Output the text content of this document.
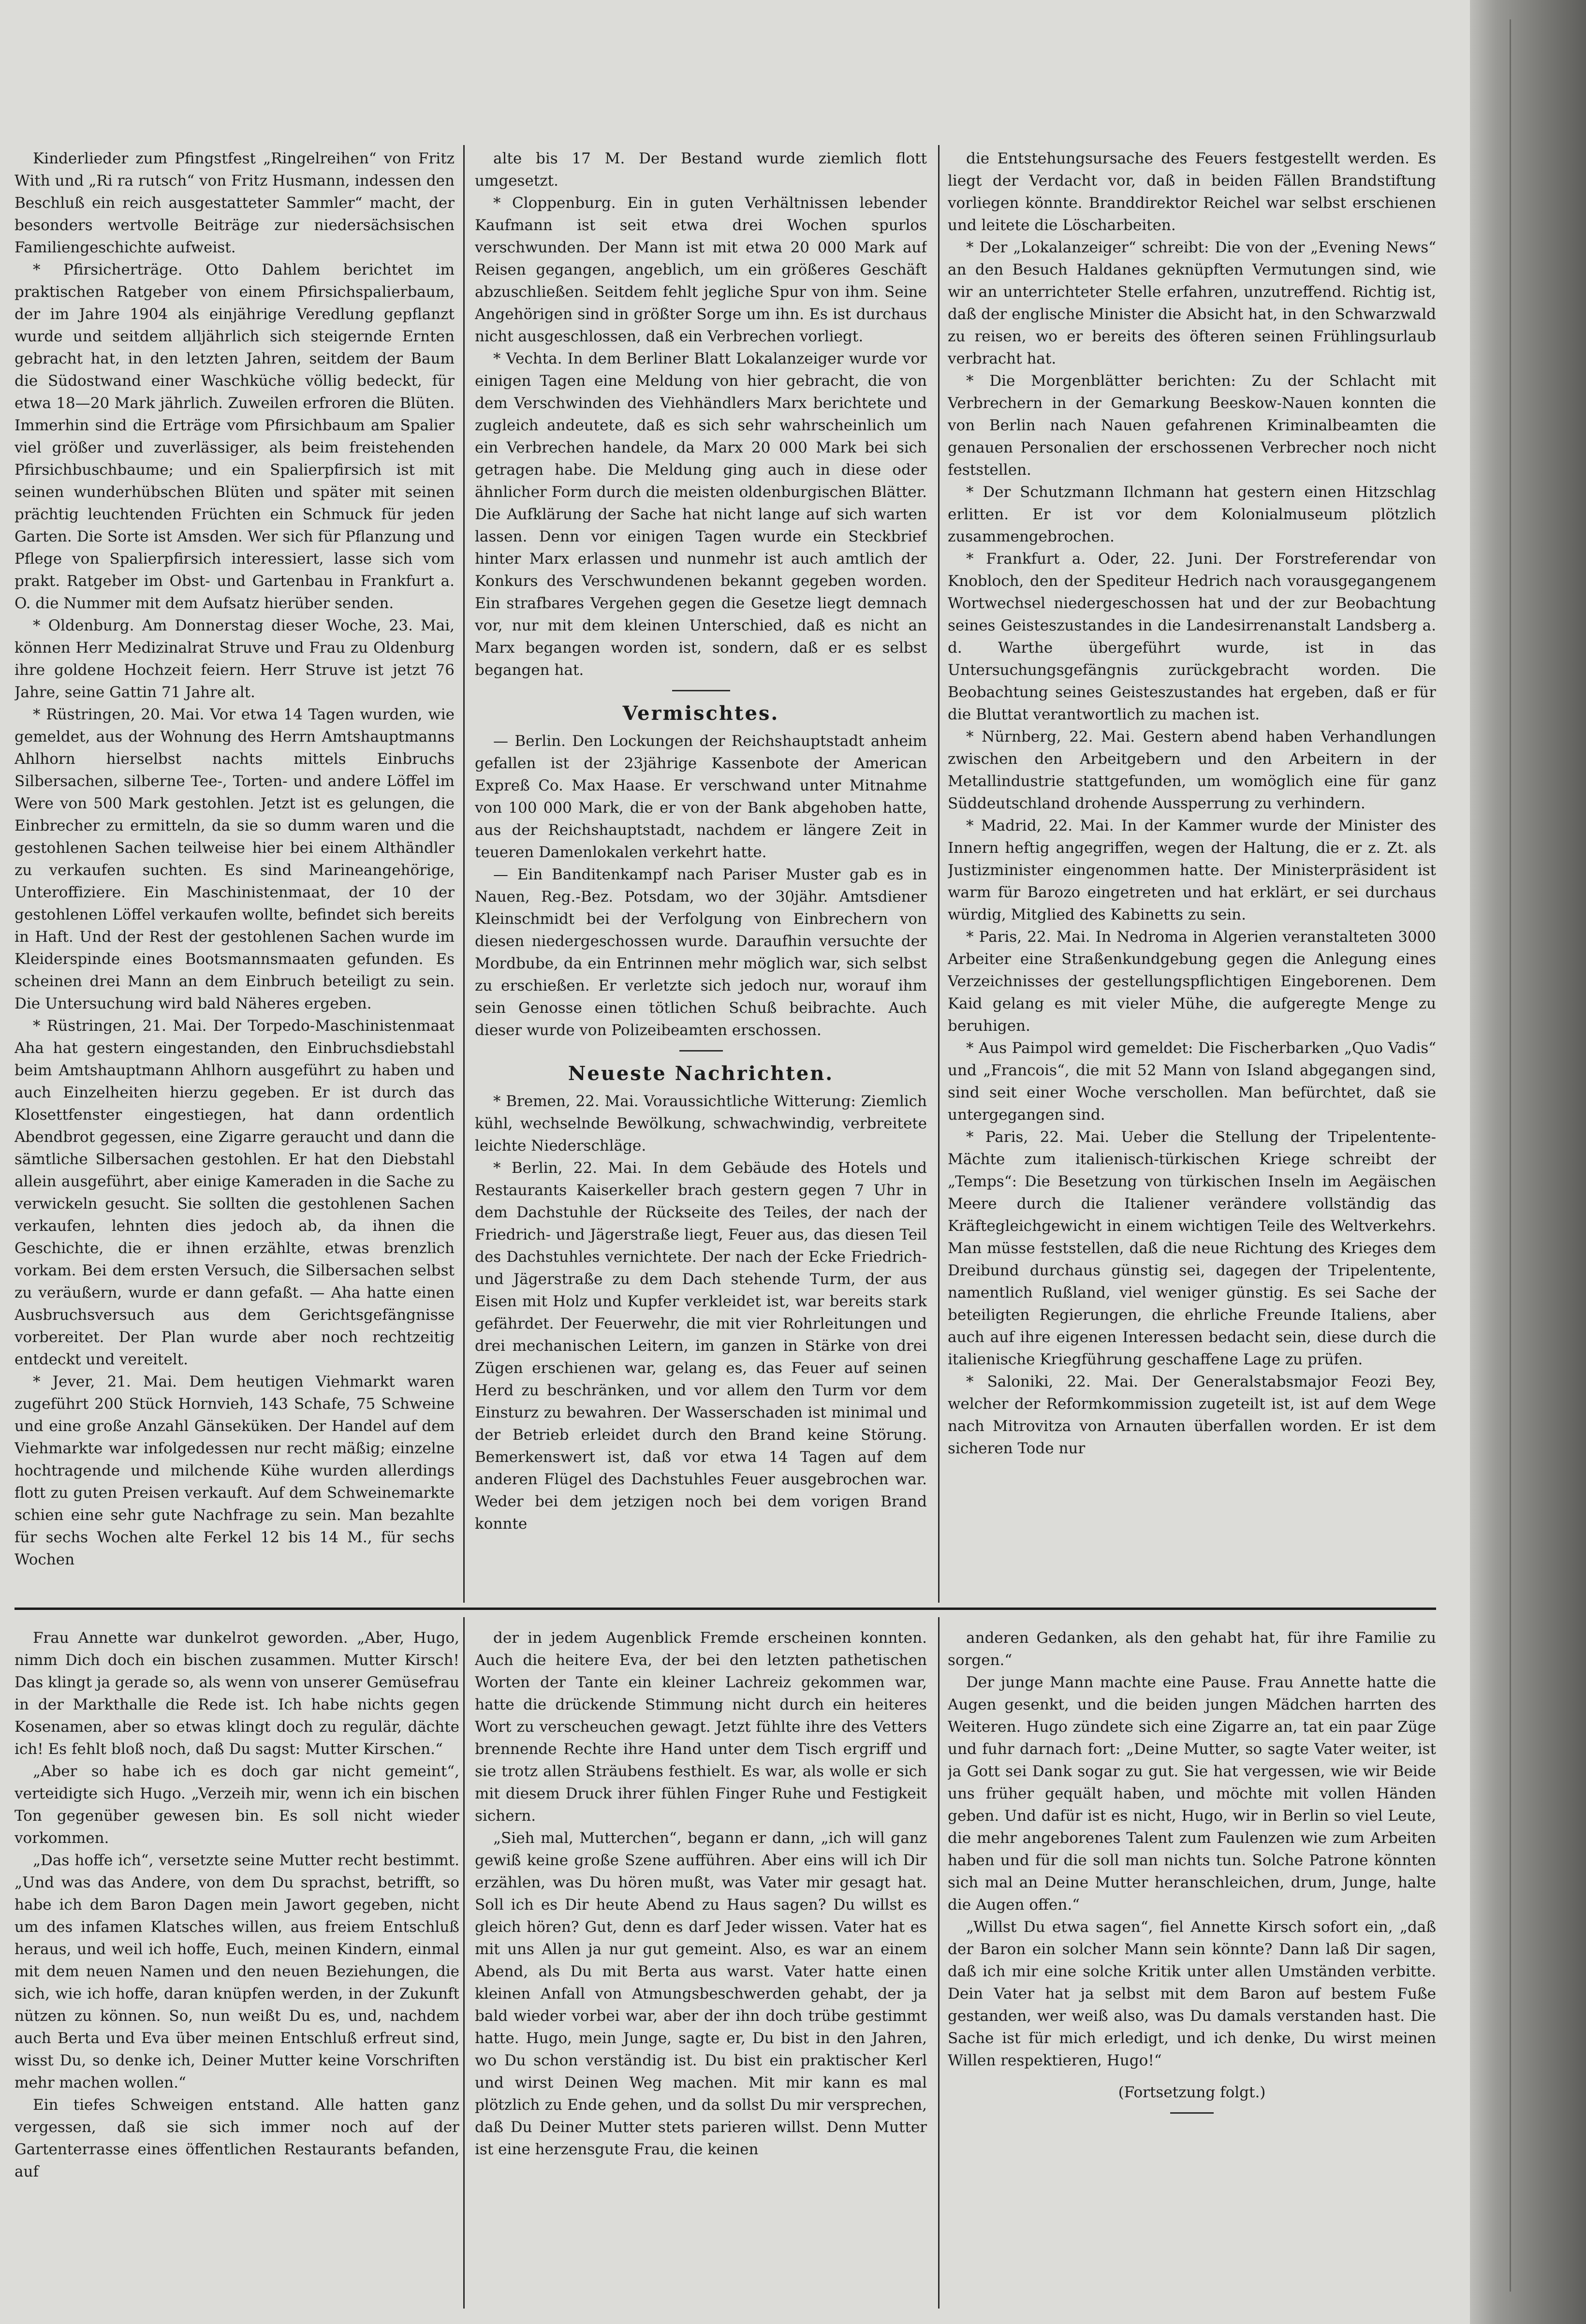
Kinderlieder zum Pfingstfest „Ringelreihen“ von Fritz With und „Ri ra rutsch“ von Fritz Husmann, indessen den Beschluß ein reich ausgestatteter Sammler“ macht, der besonders wertvolle Beiträge zur niedersächsischen Familiengeschichte aufweist.

* Pfirsicherträge. Otto Dahlem berichtet im praktischen Ratgeber von einem Pfirsichspalierbaum, der im Jahre 1904 als einjährige Veredlung gepflanzt wurde und seitdem alljährlich sich steigernde Ernten gebracht hat, in den letzten Jahren, seitdem der Baum die Südostwand einer Waschküche völlig bedeckt, für etwa 18—20 Mark jährlich. Zuweilen erfroren die Blüten. Immerhin sind die Erträge vom Pfirsichbaum am Spalier viel größer und zuverlässiger, als beim freistehenden Pfirsichbuschbaume; und ein Spalierpfirsich ist mit seinen wunderhübschen Blüten und später mit seinen prächtig leuchtenden Früchten ein Schmuck für jeden Garten. Die Sorte ist Amsden. Wer sich für Pflanzung und Pflege von Spalierpfirsich interessiert, lasse sich vom prakt. Ratgeber im Obst- und Gartenbau in Frankfurt a. O. die Nummer mit dem Aufsatz hierüber senden.

* Oldenburg. Am Donnerstag dieser Woche, 23. Mai, können Herr Medizinalrat Struve und Frau zu Oldenburg ihre goldene Hochzeit feiern. Herr Struve ist jetzt 76 Jahre, seine Gattin 71 Jahre alt.

* Rüstringen, 20. Mai. Vor etwa 14 Tagen wurden, wie gemeldet, aus der Wohnung des Herrn Amtshauptmanns Ahlhorn hierselbst nachts mittels Einbruchs Silbersachen, silberne Tee-, Torten- und andere Löffel im Were von 500 Mark gestohlen. Jetzt ist es gelungen, die Einbrecher zu ermitteln, da sie so dumm waren und die gestohlenen Sachen teilweise hier bei einem Althändler zu verkaufen suchten. Es sind Marineangehörige, Unteroffiziere. Ein Maschinistenmaat, der 10 der gestohlenen Löffel verkaufen wollte, befindet sich bereits in Haft. Und der Rest der gestohlenen Sachen wurde im Kleiderspinde eines Bootsmannsmaaten gefunden. Es scheinen drei Mann an dem Einbruch beteiligt zu sein. Die Untersuchung wird bald Näheres ergeben.

* Rüstringen, 21. Mai. Der Torpedo-Maschinistenmaat Aha hat gestern eingestanden, den Einbruchsdiebstahl beim Amtshauptmann Ahlhorn ausgeführt zu haben und auch Einzelheiten hierzu gegeben. Er ist durch das Klosettfenster eingestiegen, hat dann ordentlich Abendbrot gegessen, eine Zigarre geraucht und dann die sämtliche Silbersachen gestohlen. Er hat den Diebstahl allein ausgeführt, aber einige Kameraden in die Sache zu verwickeln gesucht. Sie sollten die gestohlenen Sachen verkaufen, lehnten dies jedoch ab, da ihnen die Geschichte, die er ihnen erzählte, etwas brenzlich vorkam. Bei dem ersten Versuch, die Silbersachen selbst zu veräußern, wurde er dann gefaßt. — Aha hatte einen Ausbruchsversuch aus dem Gerichtsgefängnisse vorbereitet. Der Plan wurde aber noch rechtzeitig entdeckt und vereitelt.

* Jever, 21. Mai. Dem heutigen Viehmarkt waren zugeführt 200 Stück Hornvieh, 143 Schafe, 75 Schweine und eine große Anzahl Gänseküken. Der Handel auf dem Viehmarkte war infolgedessen nur recht mäßig; einzelne hochtragende und milchende Kühe wurden allerdings flott zu guten Preisen verkauft. Auf dem Schweinemarkte schien eine sehr gute Nachfrage zu sein. Man bezahlte für sechs Wochen alte Ferkel 12 bis 14 M., für sechs Wochen

alte bis 17 M. Der Bestand wurde ziemlich flott umgesetzt.

* Cloppenburg. Ein in guten Verhältnissen lebender Kaufmann ist seit etwa drei Wochen spurlos verschwunden. Der Mann ist mit etwa 20 000 Mark auf Reisen gegangen, angeblich, um ein größeres Geschäft abzuschließen. Seitdem fehlt jegliche Spur von ihm. Seine Angehörigen sind in größter Sorge um ihn. Es ist durchaus nicht ausgeschlossen, daß ein Verbrechen vorliegt.

* Vechta. In dem Berliner Blatt Lokalanzeiger wurde vor einigen Tagen eine Meldung von hier gebracht, die von dem Verschwinden des Viehhändlers Marx berichtete und zugleich andeutete, daß es sich sehr wahrscheinlich um ein Verbrechen handele, da Marx 20 000 Mark bei sich getragen habe. Die Meldung ging auch in diese oder ähnlicher Form durch die meisten oldenburgischen Blätter. Die Aufklärung der Sache hat nicht lange auf sich warten lassen. Denn vor einigen Tagen wurde ein Steckbrief hinter Marx erlassen und nunmehr ist auch amtlich der Konkurs des Verschwundenen bekannt gegeben worden. Ein strafbares Vergehen gegen die Gesetze liegt demnach vor, nur mit dem kleinen Unterschied, daß es nicht an Marx begangen worden ist, sondern, daß er es selbst begangen hat.

Vermischtes.

— Berlin. Den Lockungen der Reichshauptstadt anheim gefallen ist der 23jährige Kassenbote der American Expreß Co. Max Haase. Er verschwand unter Mitnahme von 100 000 Mark, die er von der Bank abgehoben hatte, aus der Reichshauptstadt, nachdem er längere Zeit in teueren Damenlokalen verkehrt hatte.

— Ein Banditenkampf nach Pariser Muster gab es in Nauen, Reg.-Bez. Potsdam, wo der 30jähr. Amtsdiener Kleinschmidt bei der Verfolgung von Einbrechern von diesen niedergeschossen wurde. Daraufhin versuchte der Mordbube, da ein Entrinnen mehr möglich war, sich selbst zu erschießen. Er verletzte sich jedoch nur, worauf ihm sein Genosse einen tötlichen Schuß beibrachte. Auch dieser wurde von Polizeibeamten erschossen.

Neueste Nachrichten.

* Bremen, 22. Mai. Voraussichtliche Witterung: Ziemlich kühl, wechselnde Bewölkung, schwachwindig, verbreitete leichte Niederschläge.

* Berlin, 22. Mai. In dem Gebäude des Hotels und Restaurants Kaiserkeller brach gestern gegen 7 Uhr in dem Dachstuhle der Rückseite des Teiles, der nach der Friedrich- und Jägerstraße liegt, Feuer aus, das diesen Teil des Dachstuhles vernichtete. Der nach der Ecke Friedrich- und Jägerstraße zu dem Dach stehende Turm, der aus Eisen mit Holz und Kupfer verkleidet ist, war bereits stark gefährdet. Der Feuerwehr, die mit vier Rohrleitungen und drei mechanischen Leitern, im ganzen in Stärke von drei Zügen erschienen war, gelang es, das Feuer auf seinen Herd zu beschränken, und vor allem den Turm vor dem Einsturz zu bewahren. Der Wasserschaden ist minimal und der Betrieb erleidet durch den Brand keine Störung. Bemerkenswert ist, daß vor etwa 14 Tagen auf dem anderen Flügel des Dachstuhles Feuer ausgebrochen war. Weder bei dem jetzigen noch bei dem vorigen Brand konnte

die Entstehungsursache des Feuers festgestellt werden. Es liegt der Verdacht vor, daß in beiden Fällen Brandstiftung vorliegen könnte. Branddirektor Reichel war selbst erschienen und leitete die Löscharbeiten.

* Der „Lokalanzeiger“ schreibt: Die von der „Evening News“ an den Besuch Haldanes geknüpften Vermutungen sind, wie wir an unterrichteter Stelle erfahren, unzutreffend. Richtig ist, daß der englische Minister die Absicht hat, in den Schwarzwald zu reisen, wo er bereits des öfteren seinen Frühlingsurlaub verbracht hat.

* Die Morgenblätter berichten: Zu der Schlacht mit Verbrechern in der Gemarkung Beeskow-Nauen konnten die von Berlin nach Nauen gefahrenen Kriminalbeamten die genauen Personalien der erschossenen Verbrecher noch nicht feststellen.

* Der Schutzmann Ilchmann hat gestern einen Hitzschlag erlitten. Er ist vor dem Kolonialmuseum plötzlich zusammengebrochen.

* Frankfurt a. Oder, 22. Juni. Der Forstreferendar von Knobloch, den der Spediteur Hedrich nach vorausgegangenem Wortwechsel niedergeschossen hat und der zur Beobachtung seines Geisteszustandes in die Landesirrenanstalt Landsberg a. d. Warthe übergeführt wurde, ist in das Untersuchungsgefängnis zurückgebracht worden. Die Beobachtung seines Geisteszustandes hat ergeben, daß er für die Bluttat verantwortlich zu machen ist.

* Nürnberg, 22. Mai. Gestern abend haben Verhandlungen zwischen den Arbeitgebern und den Arbeitern in der Metallindustrie stattgefunden, um womöglich eine für ganz Süddeutschland drohende Aussperrung zu verhindern.

* Madrid, 22. Mai. In der Kammer wurde der Minister des Innern heftig angegriffen, wegen der Haltung, die er z. Zt. als Justizminister eingenommen hatte. Der Ministerpräsident ist warm für Barozo eingetreten und hat erklärt, er sei durchaus würdig, Mitglied des Kabinetts zu sein.

* Paris, 22. Mai. In Nedroma in Algerien veranstalteten 3000 Arbeiter eine Straßenkundgebung gegen die Anlegung eines Verzeichnisses der gestellungspflichtigen Eingeborenen. Dem Kaid gelang es mit vieler Mühe, die aufgeregte Menge zu beruhigen.

* Aus Paimpol wird gemeldet: Die Fischerbarken „Quo Vadis“ und „Francois“, die mit 52 Mann von Island abgegangen sind, sind seit einer Woche verschollen. Man befürchtet, daß sie untergegangen sind.

* Paris, 22. Mai. Ueber die Stellung der Tripelentente-Mächte zum italienisch-türkischen Kriege schreibt der „Temps“: Die Besetzung von türkischen Inseln im Aegäischen Meere durch die Italiener verändere vollständig das Kräftegleichgewicht in einem wichtigen Teile des Weltverkehrs. Man müsse feststellen, daß die neue Richtung des Krieges dem Dreibund durchaus günstig sei, dagegen der Tripelentente, namentlich Rußland, viel weniger günstig. Es sei Sache der beteiligten Regierungen, die ehrliche Freunde Italiens, aber auch auf ihre eigenen Interessen bedacht sein, diese durch die italienische Kriegführung geschaffene Lage zu prüfen.

* Saloniki, 22. Mai. Der Generalstabsmajor Feozi Bey, welcher der Reformkommission zugeteilt ist, ist auf dem Wege nach Mitrovitza von Arnauten überfallen worden. Er ist dem sicheren Tode nur

Frau Annette war dunkelrot geworden. „Aber, Hugo, nimm Dich doch ein bischen zusammen. Mutter Kirsch! Das klingt ja gerade so, als wenn von unserer Gemüsefrau in der Markthalle die Rede ist. Ich habe nichts gegen Kosenamen, aber so etwas klingt doch zu regulär, dächte ich! Es fehlt bloß noch, daß Du sagst: Mutter Kirschen.“

„Aber so habe ich es doch gar nicht gemeint“, verteidigte sich Hugo. „Verzeih mir, wenn ich ein bischen Ton gegenüber gewesen bin. Es soll nicht wieder vorkommen.

„Das hoffe ich“, versetzte seine Mutter recht bestimmt. „Und was das Andere, von dem Du sprachst, betrifft, so habe ich dem Baron Dagen mein Jawort gegeben, nicht um des infamen Klatsches willen, aus freiem Entschluß heraus, und weil ich hoffe, Euch, meinen Kindern, einmal mit dem neuen Namen und den neuen Beziehungen, die sich, wie ich hoffe, daran knüpfen werden, in der Zukunft nützen zu können. So, nun weißt Du es, und, nachdem auch Berta und Eva über meinen Entschluß erfreut sind, wisst Du, so denke ich, Deiner Mutter keine Vorschriften mehr machen wollen.“

Ein tiefes Schweigen entstand. Alle hatten ganz vergessen, daß sie sich immer noch auf der Gartenterrasse eines öffentlichen Restaurants befanden, auf

der in jedem Augenblick Fremde erscheinen konnten. Auch die heitere Eva, der bei den letzten pathetischen Worten der Tante ein kleiner Lachreiz gekommen war, hatte die drückende Stimmung nicht durch ein heiteres Wort zu verscheuchen gewagt. Jetzt fühlte ihre des Vetters brennende Rechte ihre Hand unter dem Tisch ergriff und sie trotz allen Sträubens festhielt. Es war, als wolle er sich mit diesem Druck ihrer fühlen Finger Ruhe und Festigkeit sichern.

„Sieh mal, Mutterchen“, begann er dann, „ich will ganz gewiß keine große Szene aufführen. Aber eins will ich Dir erzählen, was Du hören mußt, was Vater mir gesagt hat. Soll ich es Dir heute Abend zu Haus sagen? Du willst es gleich hören? Gut, denn es darf Jeder wissen. Vater hat es mit uns Allen ja nur gut gemeint. Also, es war an einem Abend, als Du mit Berta aus warst. Vater hatte einen kleinen Anfall von Atmungsbeschwerden gehabt, der ja bald wieder vorbei war, aber der ihn doch trübe gestimmt hatte. Hugo, mein Junge, sagte er, Du bist in den Jahren, wo Du schon verständig ist. Du bist ein praktischer Kerl und wirst Deinen Weg machen. Mit mir kann es mal plötzlich zu Ende gehen, und da sollst Du mir versprechen, daß Du Deiner Mutter stets parieren willst. Denn Mutter ist eine herzensgute Frau, die keinen

anderen Gedanken, als den gehabt hat, für ihre Familie zu sorgen.“

Der junge Mann machte eine Pause. Frau Annette hatte die Augen gesenkt, und die beiden jungen Mädchen harrten des Weiteren. Hugo zündete sich eine Zigarre an, tat ein paar Züge und fuhr darnach fort: „Deine Mutter, so sagte Vater weiter, ist ja Gott sei Dank sogar zu gut. Sie hat vergessen, wie wir Beide uns früher gequält haben, und möchte mit vollen Händen geben. Und dafür ist es nicht, Hugo, wir in Berlin so viel Leute, die mehr angeborenes Talent zum Faulenzen wie zum Arbeiten haben und für die soll man nichts tun. Solche Patrone könnten sich mal an Deine Mutter heranschleichen, drum, Junge, halte die Augen offen.“

„Willst Du etwa sagen“, fiel Annette Kirsch sofort ein, „daß der Baron ein solcher Mann sein könnte? Dann laß Dir sagen, daß ich mir eine solche Kritik unter allen Umständen verbitte. Dein Vater hat ja selbst mit dem Baron auf bestem Fuße gestanden, wer weiß also, was Du damals verstanden hast. Die Sache ist für mich erledigt, und ich denke, Du wirst meinen Willen respektieren, Hugo!“

(Fortsetzung folgt.)
